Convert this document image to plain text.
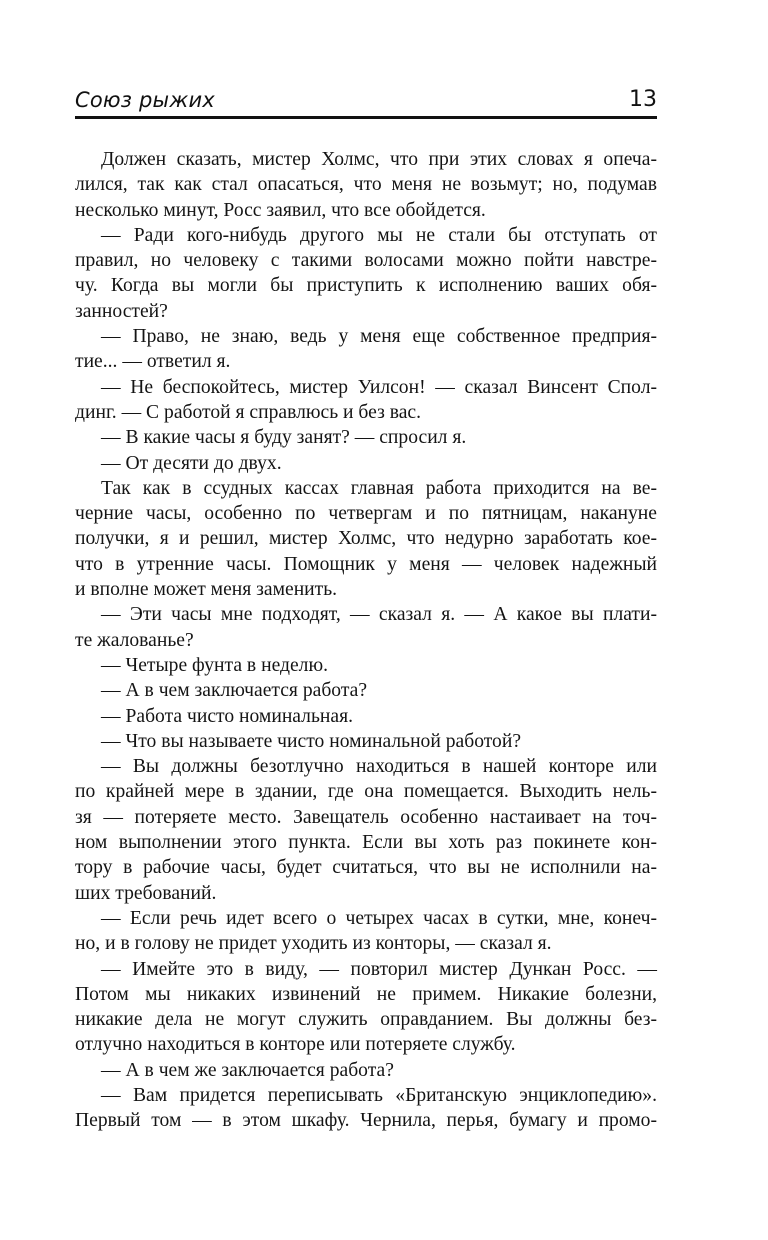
Союз рыжих	13
Должен сказать, мистер Холмс, что при этих словах я опеча-
лился, так как стал опасаться, что меня не возьмут; но, подумав
несколько минут, Росс заявил, что все обойдется.
— Ради кого-нибудь другого мы не стали бы отступать от
правил, но человеку с такими волосами можно пойти навстре-
чу. Когда вы могли бы приступить к исполнению ваших обя-
занностей?
— Право, не знаю, ведь у меня еще собственное предприя-
тие... — ответил я.
— Не беспокойтесь, мистер Уилсон! — сказал Винсент Спол-
динг. — С работой я справлюсь и без вас.
— В какие часы я буду занят? — спросил я.
— От десяти до двух.
Так как в ссудных кассах главная работа приходится на ве-
черние часы, особенно по четвергам и по пятницам, накануне
получки, я и решил, мистер Холмс, что недурно заработать кое-
что в утренние часы. Помощник у меня — человек надежный
и вполне может меня заменить.
— Эти часы мне подходят, — сказал я. — А какое вы плати-
те жалованье?
— Четыре фунта в неделю.
— А в чем заключается работа?
— Работа чисто номинальная.
— Что вы называете чисто номинальной работой?
— Вы должны безотлучно находиться в нашей конторе или
по крайней мере в здании, где она помещается. Выходить нель-
зя — потеряете место. Завещатель особенно настаивает на точ-
ном выполнении этого пункта. Если вы хоть раз покинете кон-
тору в рабочие часы, будет считаться, что вы не исполнили на-
ших требований.
— Если речь идет всего о четырех часах в сутки, мне, конеч-
но, и в голову не придет уходить из конторы, — сказал я.
— Имейте это в виду, — повторил мистер Дункан Росс. —
Потом мы никаких извинений не примем. Никакие болезни,
никакие дела не могут служить оправданием. Вы должны без-
отлучно находиться в конторе или потеряете службу.
— А в чем же заключается работа?
— Вам придется переписывать «Британскую энциклопедию».
Первый том — в этом шкафу. Чернила, перья, бумагу и промо-
